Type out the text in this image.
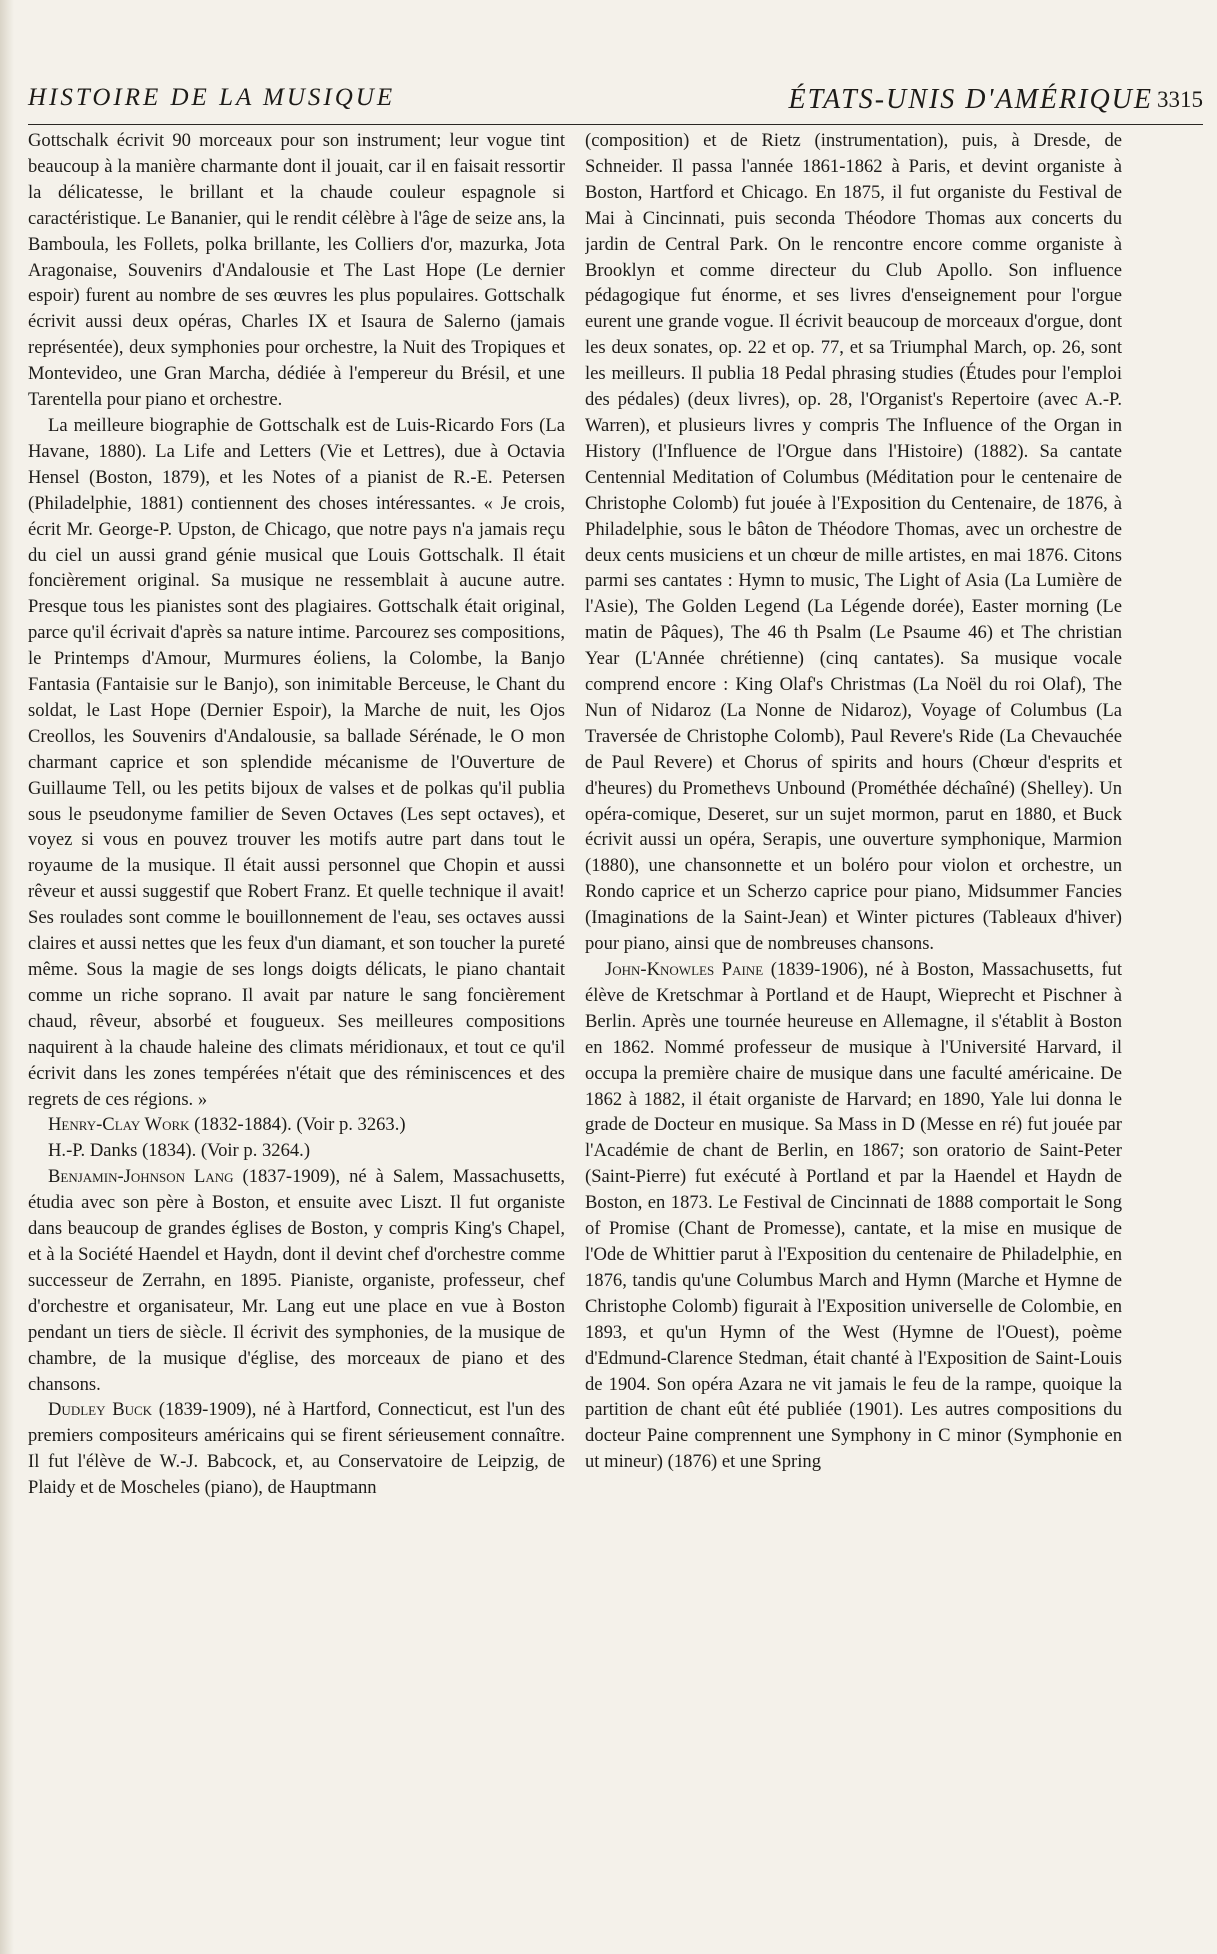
HISTOIRE DE LA MUSIQUE	ÉTATS-UNIS D'AMÉRIQUE 3315

Gottschalk écrivit 90 morceaux pour son instrument; leur vogue tint beaucoup à la manière charmante dont il jouait, car il en faisait ressortir la délicatesse, le brillant et la chaude couleur espagnole si caractéristique. Le Bananier, qui le rendit célèbre à l'âge de seize ans, la Bamboula, les Follets, polka brillante, les Colliers d'or, mazurka, Jota Aragonaise, Souvenirs d'Andalousie et The Last Hope (Le dernier espoir) furent au nombre de ses œuvres les plus populaires. Gottschalk écrivit aussi deux opéras, Charles IX et Isaura de Salerno (jamais représentée), deux symphonies pour orchestre, la Nuit des Tropiques et Montevideo, une Gran Marcha, dédiée à l'empereur du Brésil, et une Tarentella pour piano et orchestre.

La meilleure biographie de Gottschalk est de Luis-Ricardo Fors (La Havane, 1880). La Life and Letters (Vie et Lettres), due à Octavia Hensel (Boston, 1879), et les Notes of a pianist de R.-E. Petersen (Philadelphie, 1881) contiennent des choses intéressantes. « Je crois, écrit Mr. George-P. Upston, de Chicago, que notre pays n'a jamais reçu du ciel un aussi grand génie musical que Louis Gottschalk. Il était foncièrement original. Sa musique ne ressemblait à aucune autre. Presque tous les pianistes sont des plagiaires. Gottschalk était original, parce qu'il écrivait d'après sa nature intime. Parcourez ses compositions, le Printemps d'Amour, Murmures éoliens, la Colombe, la Banjo Fantasia (Fantaisie sur le Banjo), son inimitable Berceuse, le Chant du soldat, le Last Hope (Dernier Espoir), la Marche de nuit, les Ojos Creollos, les Souvenirs d'Andalousie, sa ballade Sérénade, le O mon charmant caprice et son splendide mécanisme de l'Ouverture de Guillaume Tell, ou les petits bijoux de valses et de polkas qu'il publia sous le pseudonyme familier de Seven Octaves (Les sept octaves), et voyez si vous en pouvez trouver les motifs autre part dans tout le royaume de la musique. Il était aussi personnel que Chopin et aussi rêveur et aussi suggestif que Robert Franz. Et quelle technique il avait! Ses roulades sont comme le bouillonnement de l'eau, ses octaves aussi claires et aussi nettes que les feux d'un diamant, et son toucher la pureté même. Sous la magie de ses longs doigts délicats, le piano chantait comme un riche soprano. Il avait par nature le sang foncièrement chaud, rêveur, absorbé et fougueux. Ses meilleures compositions naquirent à la chaude haleine des climats méridionaux, et tout ce qu'il écrivit dans les zones tempérées n'était que des réminiscences et des regrets de ces régions. »

Henry-Clay Work (1832-1884). (Voir p. 3263.)

H.-P. Danks (1834). (Voir p. 3264.)

Benjamin-Johnson Lang (1837-1909), né à Salem, Massachusetts, étudia avec son père à Boston, et ensuite avec Liszt. Il fut organiste dans beaucoup de grandes églises de Boston, y compris King's Chapel, et à la Société Haendel et Haydn, dont il devint chef d'orchestre comme successeur de Zerrahn, en 1895. Pianiste, organiste, professeur, chef d'orchestre et organisateur, Mr. Lang eut une place en vue à Boston pendant un tiers de siècle. Il écrivit des symphonies, de la musique de chambre, de la musique d'église, des morceaux de piano et des chansons.

Dudley Buck (1839-1909), né à Hartford, Connecticut, est l'un des premiers compositeurs américains qui se firent sérieusement connaître. Il fut l'élève de W.-J. Babcock, et, au Conservatoire de Leipzig, de Plaidy et de Moscheles (piano), de Hauptmann

(composition) et de Rietz (instrumentation), puis, à Dresde, de Schneider. Il passa l'année 1861-1862 à Paris, et devint organiste à Boston, Hartford et Chicago. En 1875, il fut organiste du Festival de Mai à Cincinnati, puis seconda Théodore Thomas aux concerts du jardin de Central Park. On le rencontre encore comme organiste à Brooklyn et comme directeur du Club Apollo. Son influence pédagogique fut énorme, et ses livres d'enseignement pour l'orgue eurent une grande vogue. Il écrivit beaucoup de morceaux d'orgue, dont les deux sonates, op. 22 et op. 77, et sa Triumphal March, op. 26, sont les meilleurs. Il publia 18 Pedal phrasing studies (Études pour l'emploi des pédales) (deux livres), op. 28, l'Organist's Repertoire (avec A.-P. Warren), et plusieurs livres y compris The Influence of the Organ in History (l'Influence de l'Orgue dans l'Histoire) (1882). Sa cantate Centennial Meditation of Columbus (Méditation pour le centenaire de Christophe Colomb) fut jouée à l'Exposition du Centenaire, de 1876, à Philadelphie, sous le bâton de Théodore Thomas, avec un orchestre de deux cents musiciens et un chœur de mille artistes, en mai 1876. Citons parmi ses cantates : Hymn to music, The Light of Asia (La Lumière de l'Asie), The Golden Legend (La Légende dorée), Easter morning (Le matin de Pâques), The 46 th Psalm (Le Psaume 46) et The christian Year (L'Année chrétienne) (cinq cantates). Sa musique vocale comprend encore : King Olaf's Christmas (La Noël du roi Olaf), The Nun of Nidaroz (La Nonne de Nidaroz), Voyage of Columbus (La Traversée de Christophe Colomb), Paul Revere's Ride (La Chevauchée de Paul Revere) et Chorus of spirits and hours (Chœur d'esprits et d'heures) du Promethevs Unbound (Prométhée déchaîné) (Shelley). Un opéra-comique, Deseret, sur un sujet mormon, parut en 1880, et Buck écrivit aussi un opéra, Serapis, une ouverture symphonique, Marmion (1880), une chansonnette et un boléro pour violon et orchestre, un Rondo caprice et un Scherzo caprice pour piano, Midsummer Fancies (Imaginations de la Saint-Jean) et Winter pictures (Tableaux d'hiver) pour piano, ainsi que de nombreuses chansons.

John-Knowles Paine (1839-1906), né à Boston, Massachusetts, fut élève de Kretschmar à Portland et de Haupt, Wieprecht et Pischner à Berlin. Après une tournée heureuse en Allemagne, il s'établit à Boston en 1862. Nommé professeur de musique à l'Université Harvard, il occupa la première chaire de musique dans une faculté américaine. De 1862 à 1882, il était organiste de Harvard; en 1890, Yale lui donna le grade de Docteur en musique. Sa Mass in D (Messe en ré) fut jouée par l'Académie de chant de Berlin, en 1867; son oratorio de Saint-Peter (Saint-Pierre) fut exécuté à Portland et par la Haendel et Haydn de Boston, en 1873. Le Festival de Cincinnati de 1888 comportait le Song of Promise (Chant de Promesse), cantate, et la mise en musique de l'Ode de Whittier parut à l'Exposition du centenaire de Philadelphie, en 1876, tandis qu'une Columbus March and Hymn (Marche et Hymne de Christophe Colomb) figurait à l'Exposition universelle de Colombie, en 1893, et qu'un Hymn of the West (Hymne de l'Ouest), poème d'Edmund-Clarence Stedman, était chanté à l'Exposition de Saint-Louis de 1904. Son opéra Azara ne vit jamais le feu de la rampe, quoique la partition de chant eût été publiée (1901). Les autres compositions du docteur Paine comprennent une Symphony in C minor (Symphonie en ut mineur) (1876) et une Spring
